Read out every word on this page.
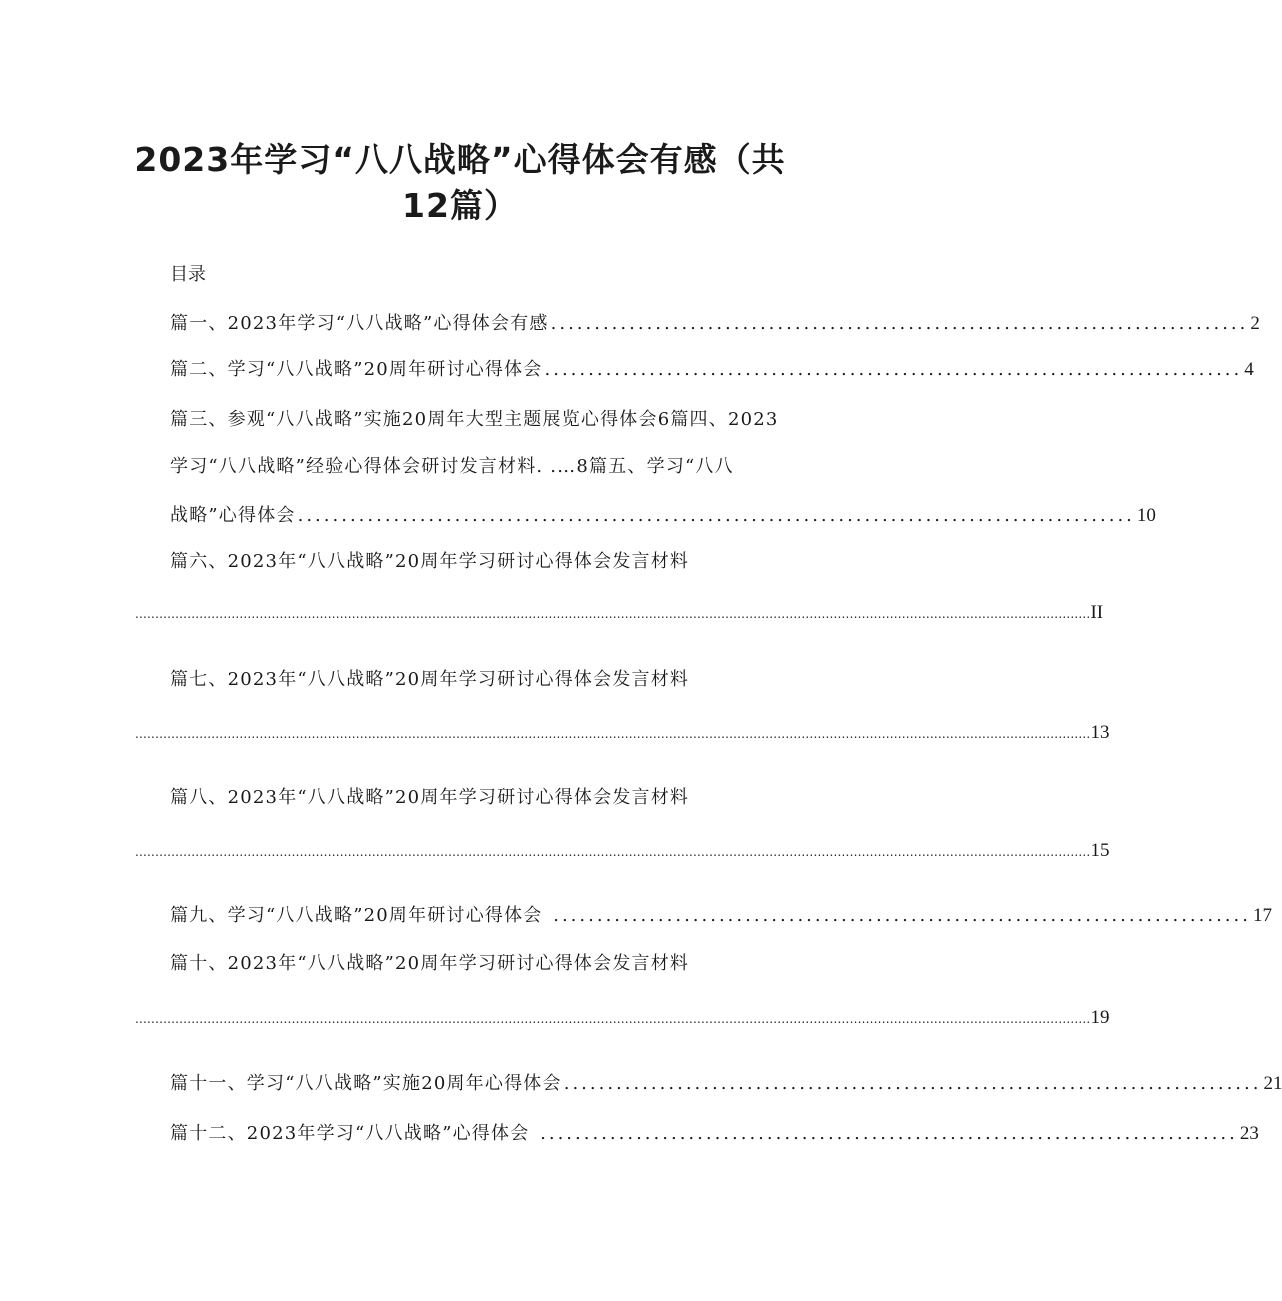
2023年学习“八八战略”心得体会有感（共
12篇）
目录
篇一、2023年学习“八八战略”心得体会有感 ................................................................................ 2
篇二、学习“八八战略”20周年研讨心得体会 ................................................................................ 4
篇三、参观“八八战略”实施20周年大型主题展览心得体会6篇四、2023
学习“八八战略”经验心得体会研讨发言材料. .…8篇五、学习“八八
战略”心得体会 ................................................................................................ 10
篇六、2023年“八八战略”20周年学习研讨心得体会发言材料
.............................................................................................................................................................................................................................................. II
篇七、2023年“八八战略”20周年学习研讨心得体会发言材料
.............................................................................................................................................................................................................................................. 13
篇八、2023年“八八战略”20周年学习研讨心得体会发言材料
.............................................................................................................................................................................................................................................. 15
篇九、学习“八八战略”20周年研讨心得体会 ................................................................................ 17
篇十、2023年“八八战略”20周年学习研讨心得体会发言材料
.............................................................................................................................................................................................................................................. 19
篇十一、学习“八八战略”实施20周年心得体会 ................................................................................ 21
篇十二、2023年学习“八八战略”心得体会 ................................................................................ 23
